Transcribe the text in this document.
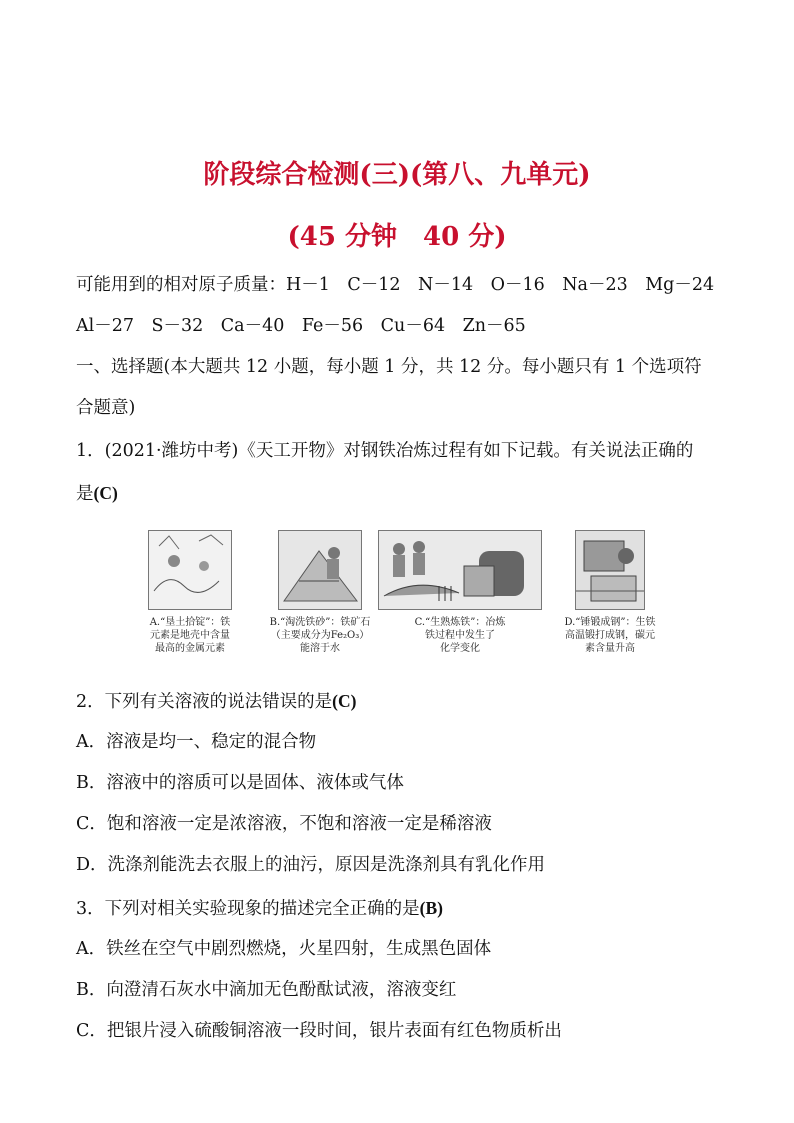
阶段综合检测(三)(第八、九单元)
(45 分钟　40 分)
可能用到的相对原子质量：H－1　C－12　N－14　O－16　Na－23　Mg－24
Al－27　S－32　Ca－40　Fe－56　Cu－64　Zn－65
一、选择题(本大题共 12 小题，每小题 1 分，共 12 分。每小题只有 1 个选项符
合题意)
1．(2021·潍坊中考)《天工开物》对钢铁冶炼过程有如下记载。有关说法正确的
是(C)
A.“垦土拾锭”：铁
元素是地壳中含量
最高的金属元素
B.“淘洗铁砂”：铁矿石
（主要成分为Fe₂O₃）
能溶于水
C.“生熟炼铁”：冶炼
铁过程中发生了
化学变化
D.“锤锻成钢”：生铁
高温锻打成钢，碳元
素含量升高
2．下列有关溶液的说法错误的是(C)
A．溶液是均一、稳定的混合物
B．溶液中的溶质可以是固体、液体或气体
C．饱和溶液一定是浓溶液，不饱和溶液一定是稀溶液
D．洗涤剂能洗去衣服上的油污，原因是洗涤剂具有乳化作用
3．下列对相关实验现象的描述完全正确的是(B)
A．铁丝在空气中剧烈燃烧，火星四射，生成黑色固体
B．向澄清石灰水中滴加无色酚酞试液，溶液变红
C．把银片浸入硫酸铜溶液一段时间，银片表面有红色物质析出
